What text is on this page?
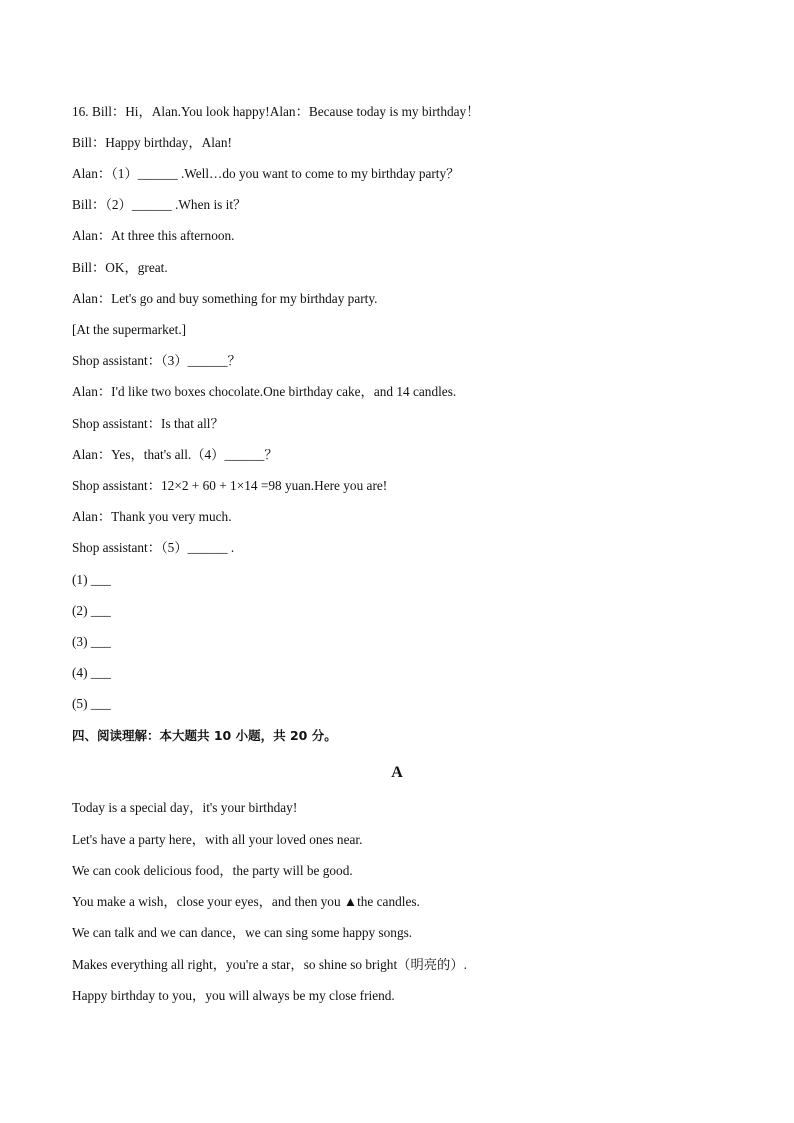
16. Bill：Hi，Alan.You look happy!Alan：Because today is my birthday！
Bill：Happy birthday，Alan!
Alan：（1）______ .Well…do you want to come to my birthday party？
Bill：（2）______ .When is it？
Alan：At three this afternoon.
Bill：OK，great.
Alan：Let's go and buy something for my birthday party.
[At the supermarket.]
Shop assistant：（3）______？
Alan：I'd like two boxes chocolate.One birthday cake，and 14 candles.
Shop assistant：Is that all？
Alan：Yes，that's all.（4）______？
Shop assistant：12×2 + 60 + 1×14 =98 yuan.Here you are!
Alan：Thank you very much.
Shop assistant：（5）______ .
(1) ___
(2) ___
(3) ___
(4) ___
(5) ___
四、阅读理解：本大题共 10 小题，共 20 分。
A
Today is a special day，it's your birthday!
Let's have a party here，with all your loved ones near.
We can cook delicious food，the party will be good.
You make a wish，close your eyes，and then you ▲the candles.
We can talk and we can dance，we can sing some happy songs.
Makes everything all right，you're a star，so shine so bright（明亮的）.
Happy birthday to you，you will always be my close friend.
